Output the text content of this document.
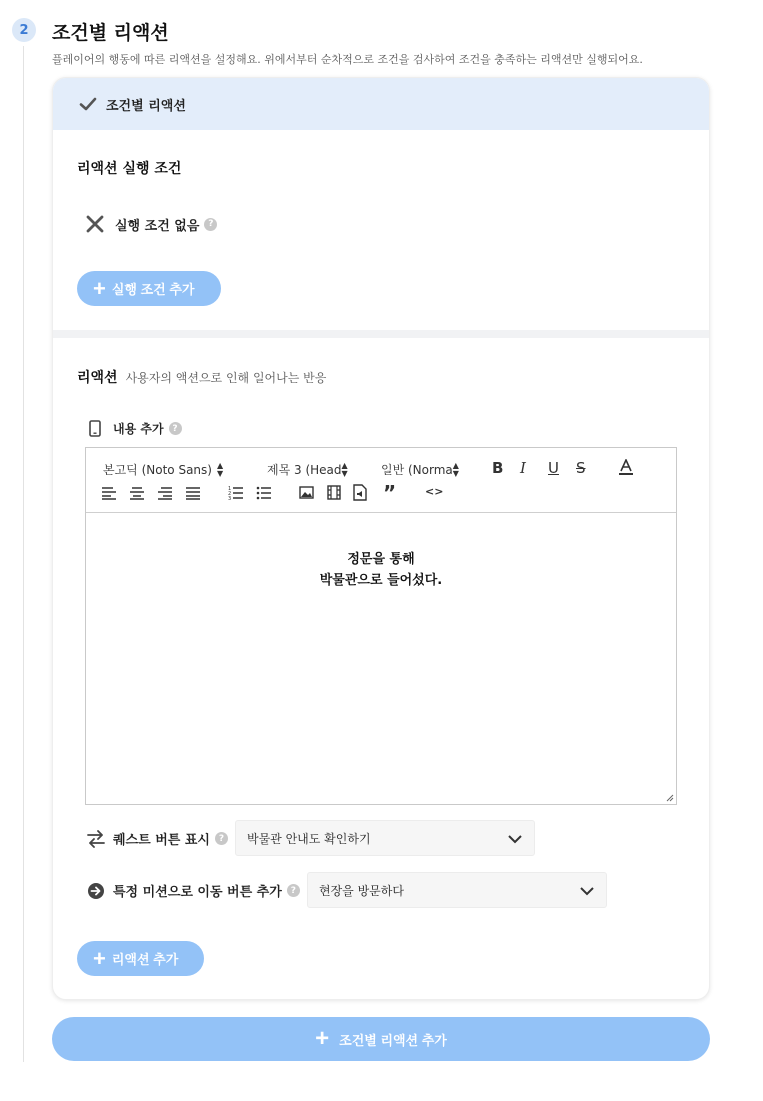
2	조건별 리액션
플레이어의 행동에 따른 리액션을 설정해요. 위에서부터 순차적으로 조건을 검사하여 조건을 충족하는 리액션만 실행되어요.
조건별 리액션
리액션 실행 조건
실행 조건 없음 ?
+ 실행 조건 추가
리액션 사용자의 액션으로 인해 일어나는 반응
내용 추가 ?
본고딕 (Noto Sans) ▲
▼	제목 3 (Head ▲
▼	일반 (Norma ▲
▼ B I U S
1
2
3	”	<>

정문을 통해

박물관으로 들어섰다.

퀘스트 버튼 표시 ?	박물관 안내도 확인하기
특정 미션으로 이동 버튼 추가 ?	현장을 방문하다
+ 리액션 추가
+ 조건별 리액션 추가
